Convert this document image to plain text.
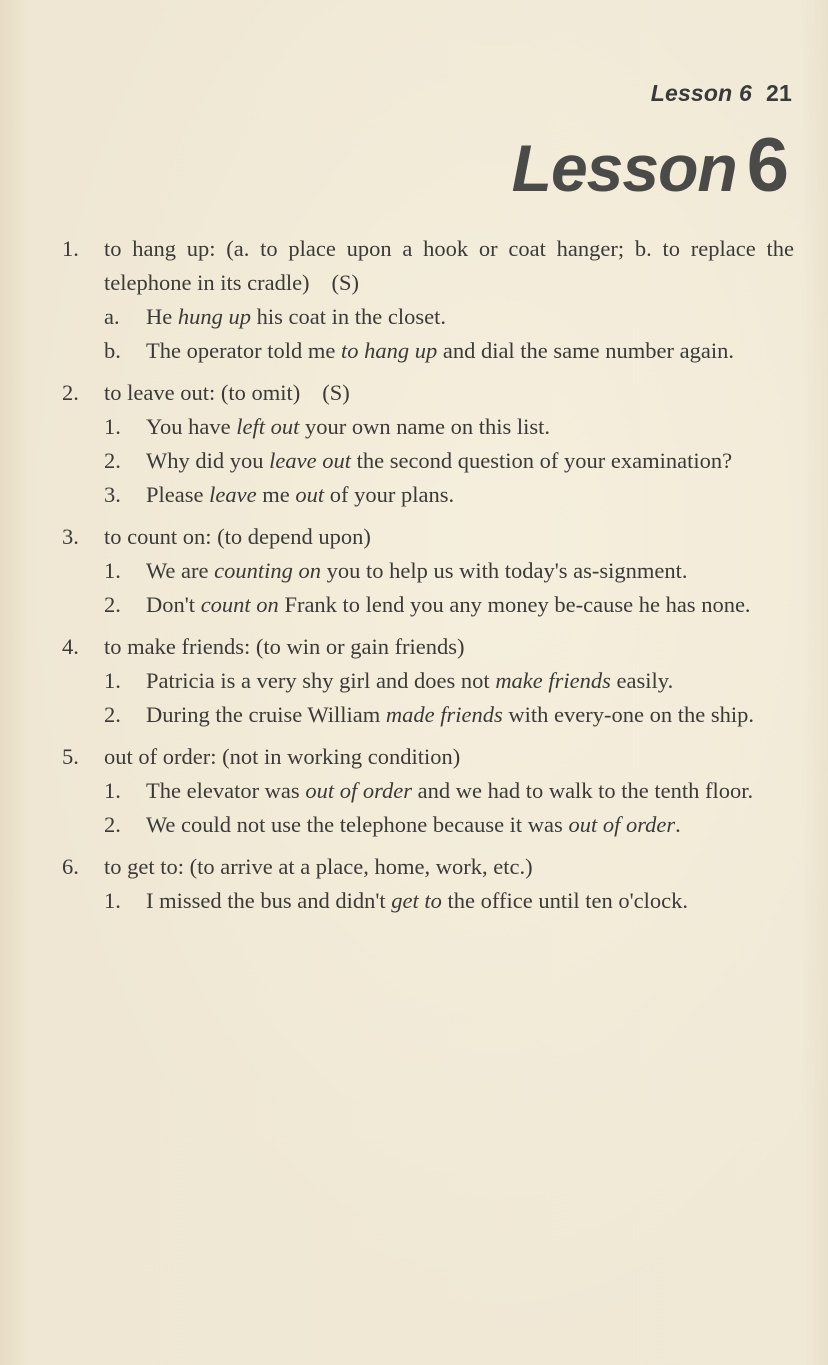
Lesson 6 21
Lesson 6
1.	to hang up: (a. to place upon a hook or coat hanger; b. to replace the telephone in its cradle) (S)
a.	He hung up his coat in the closet.
b.	The operator told me to hang up and dial the same number again.
2.	to leave out: (to omit) (S)
1.	You have left out your own name on this list.
2.	Why did you leave out the second question of your examination?
3.	Please leave me out of your plans.
3.	to count on: (to depend upon)
1.	We are counting on you to help us with today's as-signment.
2.	Don't count on Frank to lend you any money be-cause he has none.
4.	to make friends: (to win or gain friends)
1.	Patricia is a very shy girl and does not make friends easily.
2.	During the cruise William made friends with every-one on the ship.
5.	out of order: (not in working condition)
1.	The elevator was out of order and we had to walk to the tenth floor.
2.	We could not use the telephone because it was out of order.
6.	to get to: (to arrive at a place, home, work, etc.)
1.	I missed the bus and didn't get to the office until ten o'clock.
